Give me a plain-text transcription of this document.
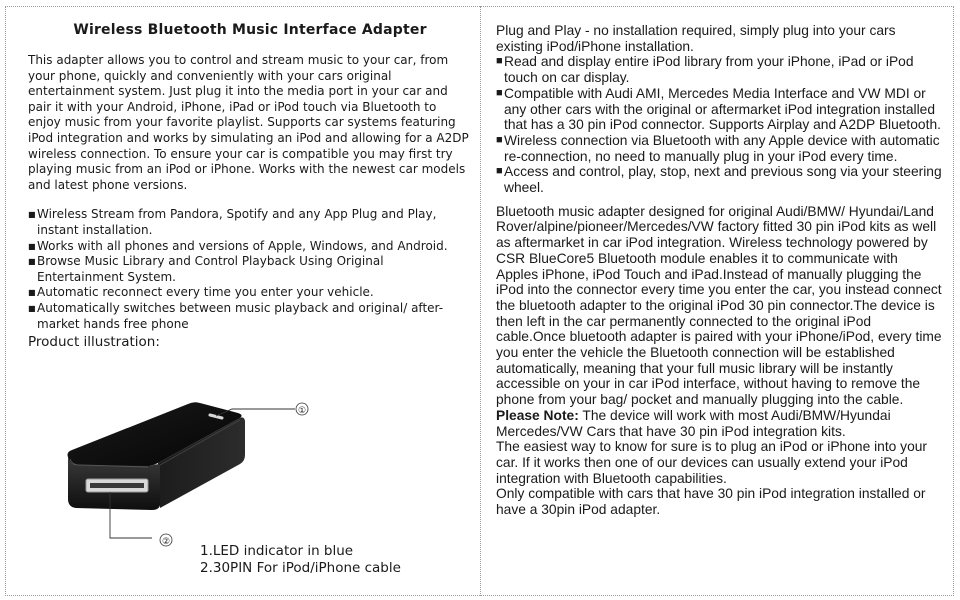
Wireless Bluetooth Music Interface Adapter

This adapter allows you to control and stream music to your car, from your phone, quickly and conveniently with your cars original entertainment system. Just plug it into the media port in your car and pair it with your Android, iPhone, iPad or iPod touch via Bluetooth to enjoy music from your favorite playlist. Supports car systems featuring iPod integration and works by simulating an iPod and allowing for a A2DP wireless connection. To ensure your car is compatible you may first try playing music from an iPod or iPhone. Works with the newest car models and latest phone versions.

■ Wireless Stream from Pandora, Spotify and any App Plug and Play, instant installation.
■ Works with all phones and versions of Apple, Windows, and Android.
■ Browse Music Library and Control Playback Using Original Entertainment System.
■ Automatic reconnect every time you enter your vehicle.
■ Automatically switches between music playback and original/ after-market hands free phone
Product illustration:
①
②
1.LED indicator in blue
2.30PIN For iPod/iPhone cable

Plug and Play - no installation required, simply plug into your cars existing iPod/iPhone installation.

■ Read and display entire iPod library from your iPhone, iPad or iPod touch on car display.
■ Compatible with Audi AMI, Mercedes Media Interface and VW MDI or any other cars with the original or aftermarket iPod integration installed that has a 30 pin iPod connector. Supports Airplay and A2DP Bluetooth.
■ Wireless connection via Bluetooth with any Apple device with automatic re-connection, no need to manually plug in your iPod every time.
■ Access and control, play, stop, next and previous song via your steering wheel.

Bluetooth music adapter designed for original Audi/BMW/ Hyundai/Land Rover/alpine/pioneer/Mercedes/VW factory fitted 30 pin iPod kits as well as aftermarket in car iPod integration. Wireless technology powered by CSR BlueCore5 Bluetooth module enables it to communicate with Apples iPhone, iPod Touch and iPad.Instead of manually plugging the iPod into the connector every time you enter the car, you instead connect the bluetooth adapter to the original iPod 30 pin connector.The device is then left in the car permanently connected to the original iPod cable.Once bluetooth adapter is paired with your iPhone/iPod, every time you enter the vehicle the Bluetooth connection will be established automatically, meaning that your full music library will be instantly accessible on your in car iPod interface, without having to remove the phone from your bag/ pocket and manually plugging into the cable.

Please Note: The device will work with most Audi/BMW/Hyundai Mercedes/VW Cars that have 30 pin iPod integration kits.

The easiest way to know for sure is to plug an iPod or iPhone into your car. If it works then one of our devices can usually extend your iPod integration with Bluetooth capabilities.

Only compatible with cars that have 30 pin iPod integration installed or have a 30pin iPod adapter.
